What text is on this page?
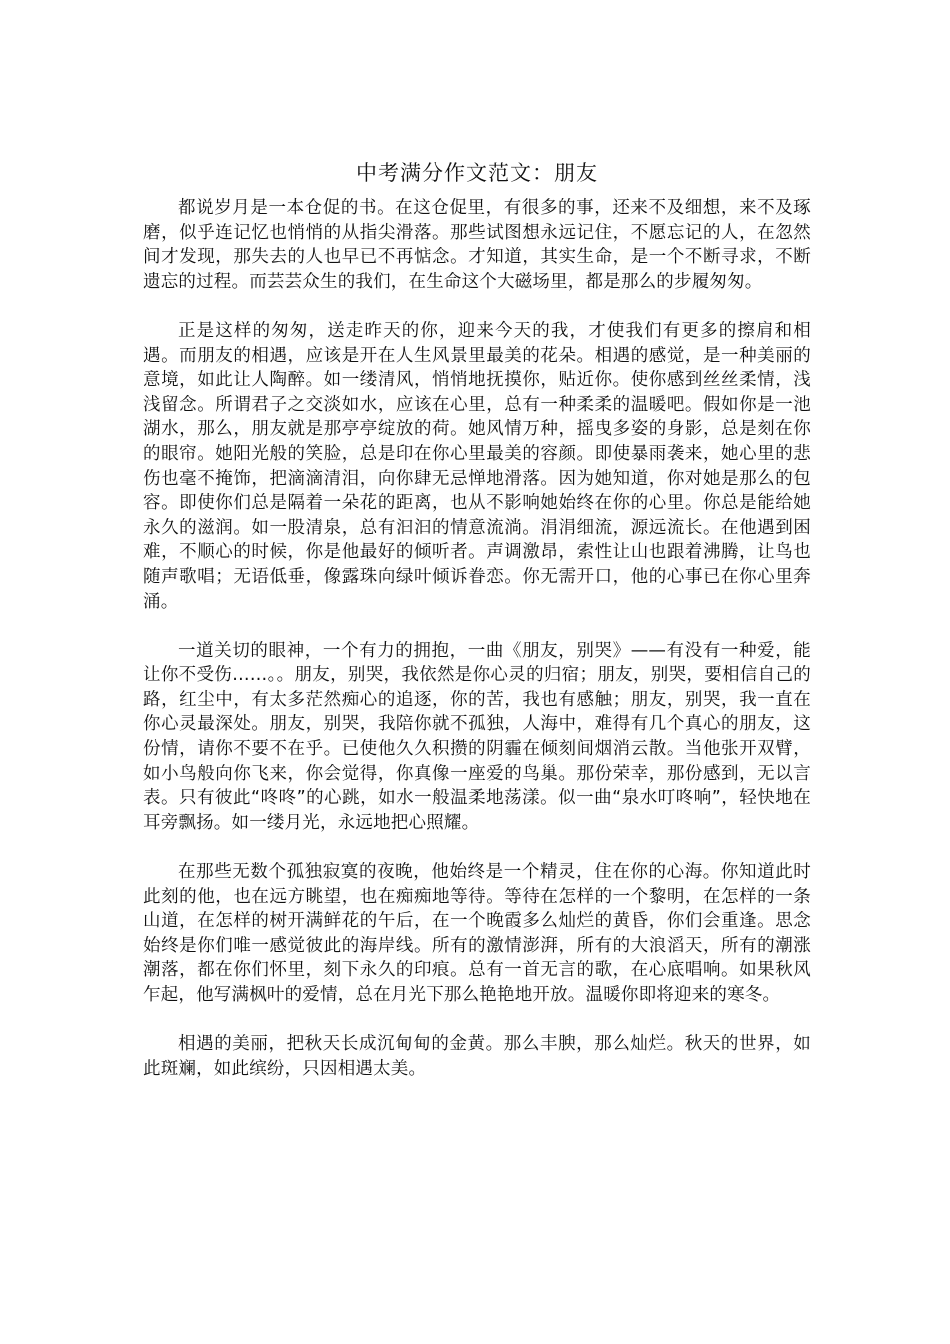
中考满分作文范文：朋友

都说岁月是一本仓促的书。在这仓促里，有很多的事，还来不及细想，来不及琢磨，似乎连记忆也悄悄的从指尖滑落。那些试图想永远记住，不愿忘记的人，在忽然间才发现，那失去的人也早已不再惦念。才知道，其实生命，是一个不断寻求，不断遗忘的过程。而芸芸众生的我们，在生命这个大磁场里，都是那么的步履匆匆。

正是这样的匆匆，送走昨天的你，迎来今天的我，才使我们有更多的擦肩和相遇。而朋友的相遇，应该是开在人生风景里最美的花朵。相遇的感觉，是一种美丽的意境，如此让人陶醉。如一缕清风，悄悄地抚摸你，贴近你。使你感到丝丝柔情，浅浅留念。所谓君子之交淡如水，应该在心里，总有一种柔柔的温暖吧。假如你是一池湖水，那么，朋友就是那亭亭绽放的荷。她风情万种，摇曳多姿的身影，总是刻在你的眼帘。她阳光般的笑脸，总是印在你心里最美的容颜。即使暴雨袭来，她心里的悲伤也毫不掩饰，把滴滴清泪，向你肆无忌惮地滑落。因为她知道，你对她是那么的包容。即使你们总是隔着一朵花的距离，也从不影响她始终在你的心里。你总是能给她永久的滋润。如一股清泉，总有汩汩的情意流淌。涓涓细流，源远流长。在他遇到困难，不顺心的时候，你是他最好的倾听者。声调激昂，索性让山也跟着沸腾，让鸟也随声歌唱；无语低垂，像露珠向绿叶倾诉眷恋。你无需开口，他的心事已在你心里奔涌。

一道关切的眼神，一个有力的拥抱，一曲《朋友，别哭》——有没有一种爱，能让你不受伤……。。朋友，别哭，我依然是你心灵的归宿；朋友，别哭，要相信自己的路，红尘中，有太多茫然痴心的追逐，你的苦，我也有感触；朋友，别哭，我一直在你心灵最深处。朋友，别哭，我陪你就不孤独，人海中，难得有几个真心的朋友，这份情，请你不要不在乎。已使他久久积攒的阴霾在倾刻间烟消云散。当他张开双臂，如小鸟般向你飞来，你会觉得，你真像一座爱的鸟巢。那份荣幸，那份感到，无以言表。只有彼此“咚咚”的心跳，如水一般温柔地荡漾。似一曲“泉水叮咚响”，轻快地在耳旁飘扬。如一缕月光，永远地把心照耀。

在那些无数个孤独寂寞的夜晚，他始终是一个精灵，住在你的心海。你知道此时此刻的他，也在远方眺望，也在痴痴地等待。等待在怎样的一个黎明，在怎样的一条山道，在怎样的树开满鲜花的午后，在一个晚霞多么灿烂的黄昏，你们会重逢。思念始终是你们唯一感觉彼此的海岸线。所有的激情澎湃，所有的大浪滔天，所有的潮涨潮落，都在你们怀里，刻下永久的印痕。总有一首无言的歌，在心底唱响。如果秋风乍起，他写满枫叶的爱情，总在月光下那么艳艳地开放。温暖你即将迎来的寒冬。

相遇的美丽，把秋天长成沉甸甸的金黄。那么丰腴，那么灿烂。秋天的世界，如此斑斓，如此缤纷，只因相遇太美。
